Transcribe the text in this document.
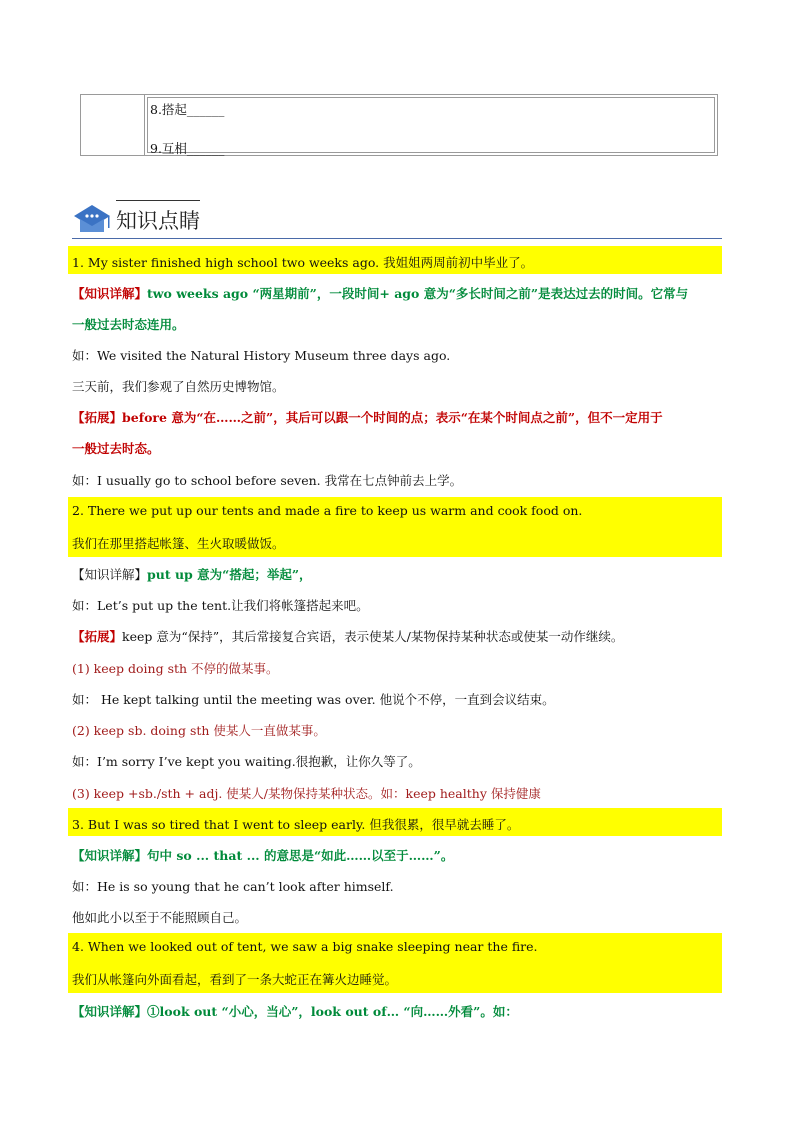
8.搭起______
9.互相______
知识点睛
1. My sister finished high school two weeks ago. 我姐姐两周前初中毕业了。
【知识详解】two weeks ago “两星期前”，一段时间+ ago 意为“多长时间之前”是表达过去的时间。它常与
一般过去时态连用。
如：We visited the Natural History Museum three days ago.
三天前，我们参观了自然历史博物馆。
【拓展】before 意为“在……之前”，其后可以跟一个时间的点；表示“在某个时间点之前”，但不一定用于
一般过去时态。
如：I usually go to school before seven. 我常在七点钟前去上学。
2. There we put up our tents and made a fire to keep us warm and cook food on.
我们在那里搭起帐篷、生火取暖做饭。
【知识详解】put up 意为“搭起；举起”，
如：Let’s put up the tent.让我们将帐篷搭起来吧。
【拓展】keep 意为“保持”，其后常接复合宾语，表示使某人/某物保持某种状态或使某一动作继续。
(1) keep doing sth 不停的做某事。
如： He kept talking until the meeting was over. 他说个不停，一直到会议结束。
(2) keep sb. doing sth 使某人一直做某事。
如：I’m sorry I’ve kept you waiting.很抱歉，让你久等了。
(3) keep +sb./sth + adj. 使某人/某物保持某种状态。如：keep healthy 保持健康
3. But I was so tired that I went to sleep early. 但我很累，很早就去睡了。
【知识详解】句中 so ... that ... 的意思是“如此……以至于……”。
如：He is so young that he can’t look after himself.
他如此小以至于不能照顾自己。
4. When we looked out of tent, we saw a big snake sleeping near the fire.
我们从帐篷向外面看起，看到了一条大蛇正在篝火边睡觉。
【知识详解】①look out “小心，当心”，look out of… “向……外看”。如：
